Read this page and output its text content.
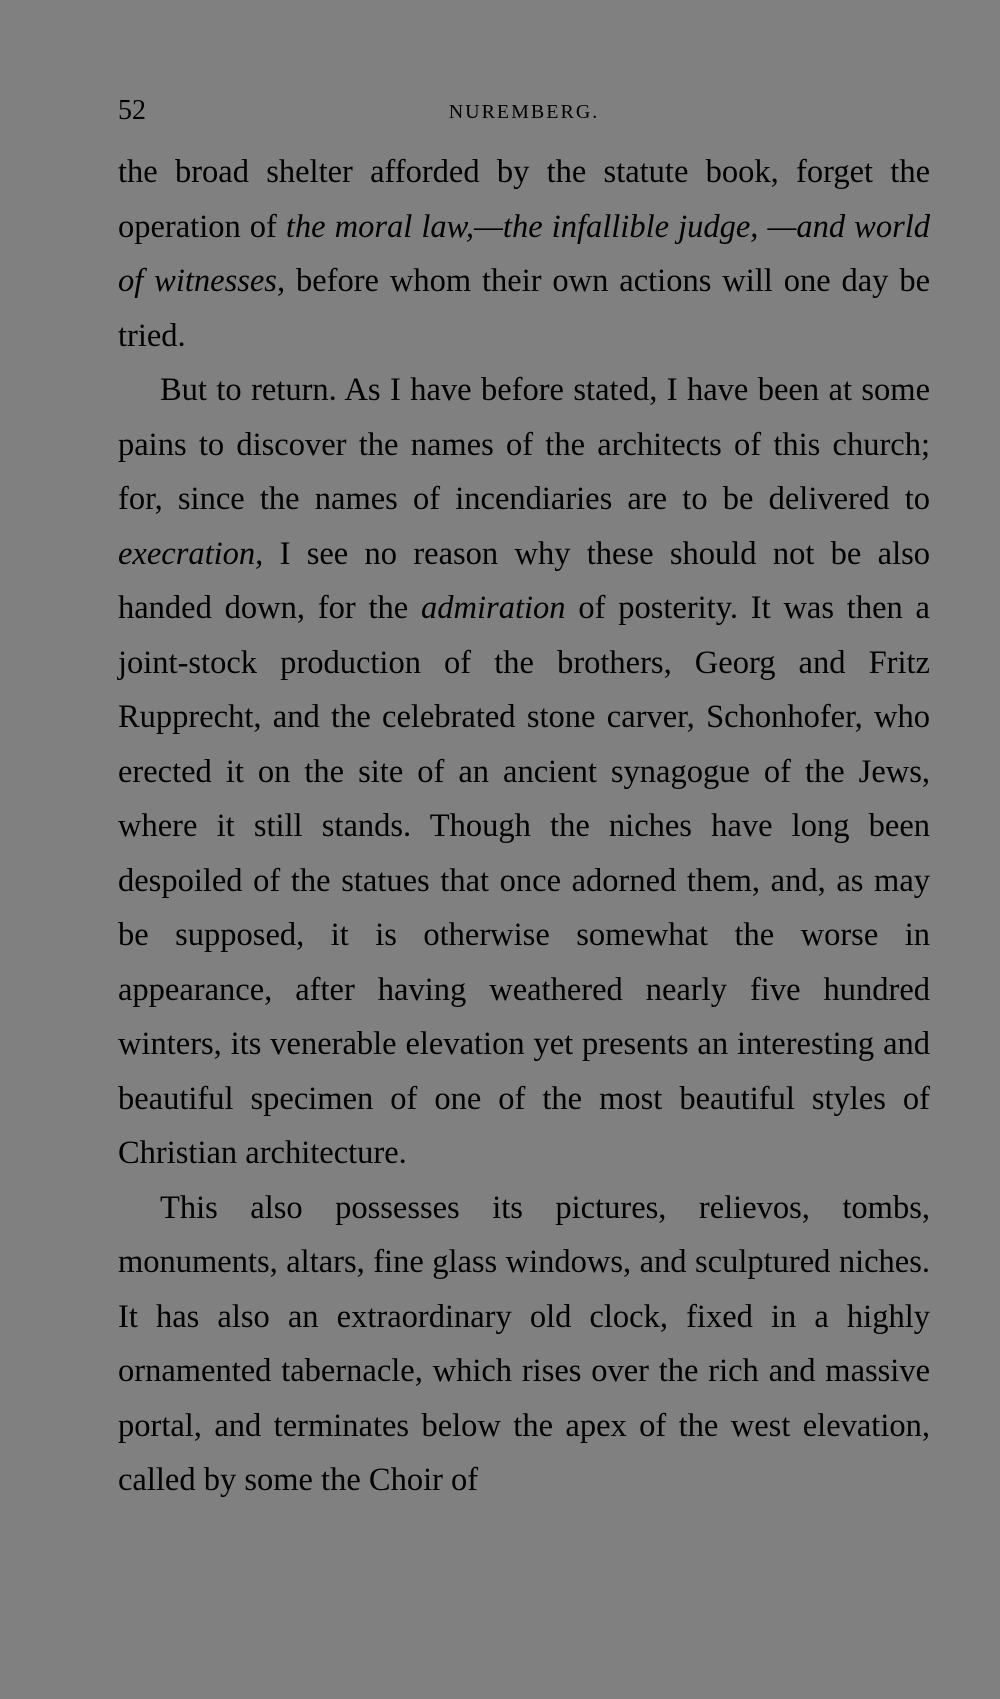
52	NUREMBERG.

the broad shelter afforded by the statute book, forget the operation of the moral law,—the infallible judge, —and world of witnesses, before whom their own actions will one day be tried.

But to return. As I have before stated, I have been at some pains to discover the names of the architects of this church; for, since the names of incendiaries are to be delivered to execration, I see no reason why these should not be also handed down, for the admiration of posterity. It was then a joint-stock production of the brothers, Georg and Fritz Rupprecht, and the celebrated stone carver, Schonhofer, who erected it on the site of an ancient synagogue of the Jews, where it still stands. Though the niches have long been despoiled of the statues that once adorned them, and, as may be supposed, it is otherwise somewhat the worse in appearance, after having weathered nearly five hundred winters, its venerable elevation yet presents an interesting and beautiful specimen of one of the most beautiful styles of Christian architecture.

This also possesses its pictures, relievos, tombs, monuments, altars, fine glass windows, and sculptured niches. It has also an extraordinary old clock, fixed in a highly ornamented tabernacle, which rises over the rich and massive portal, and terminates below the apex of the west elevation, called by some the Choir of
